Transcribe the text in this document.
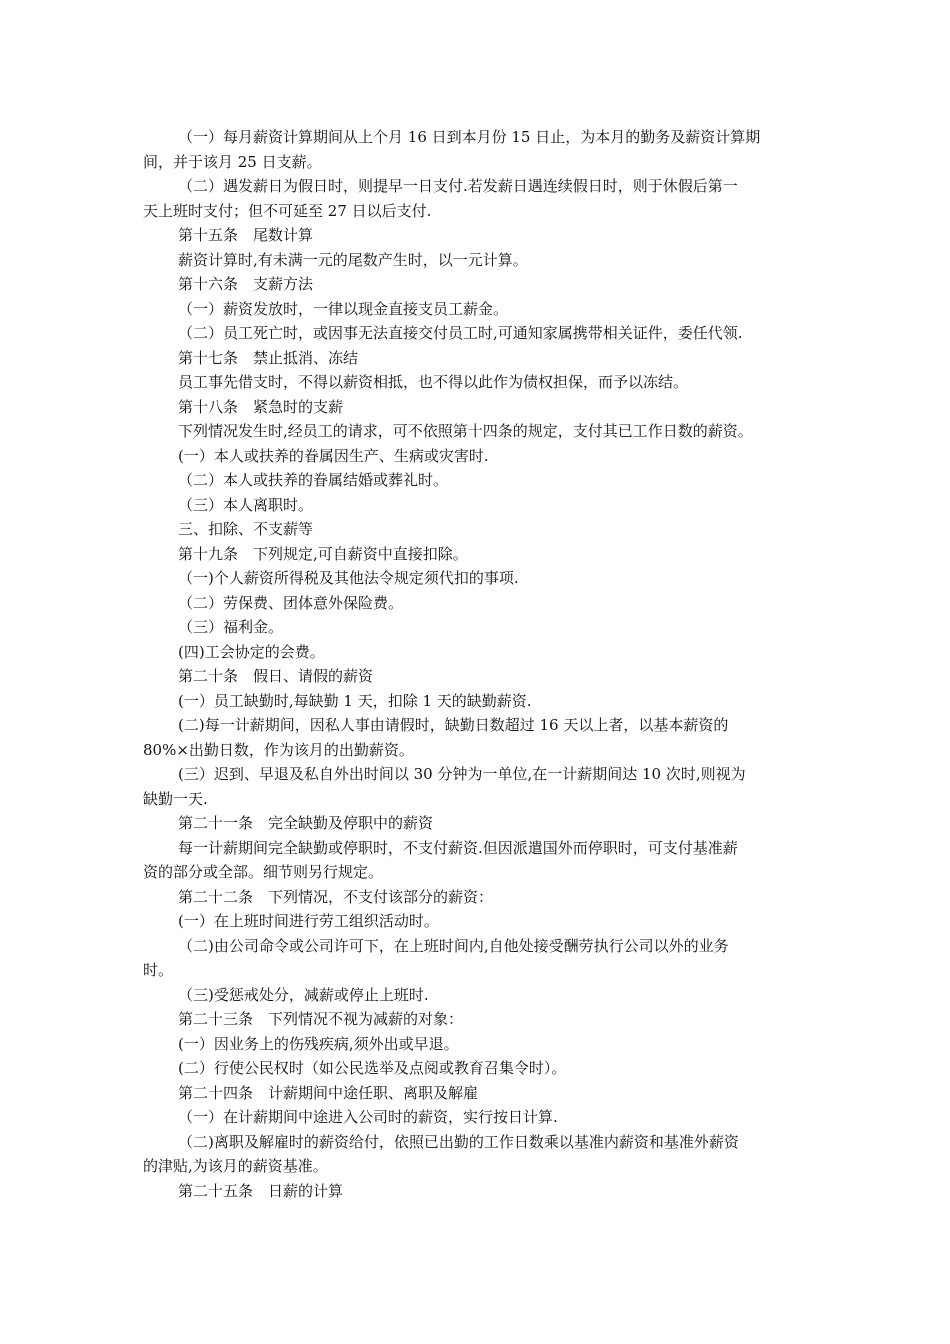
（一）每月薪资计算期间从上个月 16 日到本月份 15 日止，为本月的勤务及薪资计算期
间，并于该月 25 日支薪。
（二）遇发薪日为假日时，则提早一日支付.若发薪日遇连续假日时，则于休假后第一
天上班时支付；但不可延至 27 日以后支付.
第十五条　尾数计算
薪资计算时,有未满一元的尾数产生时，以一元计算。
第十六条　支薪方法
（一）薪资发放时，一律以现金直接支员工薪金。
（二）员工死亡时，或因事无法直接交付员工时,可通知家属携带相关证件，委任代领.
第十七条　禁止抵消、冻结
员工事先借支时，不得以薪资相抵，也不得以此作为债权担保，而予以冻结。
第十八条　紧急时的支薪
下列情况发生时,经员工的请求，可不依照第十四条的规定，支付其已工作日数的薪资。
(一）本人或扶养的眷属因生产、生病或灾害时.
（二）本人或扶养的眷属结婚或葬礼时。
（三）本人离职时。
三、扣除、不支薪等
第十九条　下列规定,可自薪资中直接扣除。
（一)个人薪资所得税及其他法令规定须代扣的事项.
（二）劳保费、团体意外保险费。
（三）福利金。
(四)工会协定的会费。
第二十条　假日、请假的薪资
(一）员工缺勤时,每缺勤 1 天，扣除 1 天的缺勤薪资.
(二)每一计薪期间，因私人事由请假时，缺勤日数超过 16 天以上者，以基本薪资的
80%×出勤日数，作为该月的出勤薪资。
(三）迟到、早退及私自外出时间以 30 分钟为一单位,在一计薪期间达 10 次时,则视为
缺勤一天.
第二十一条　完全缺勤及停职中的薪资
每一计薪期间完全缺勤或停职时，不支付薪资.但因派遣国外而停职时，可支付基准薪
资的部分或全部。细节则另行规定。
第二十二条　下列情况，不支付该部分的薪资：
(一）在上班时间进行劳工组织活动时。
（二)由公司命令或公司许可下，在上班时间内,自他处接受酬劳执行公司以外的业务
时。
（三)受惩戒处分，减薪或停止上班时.
第二十三条　下列情况不视为减薪的对象：
(一）因业务上的伤残疾病,须外出或早退。
(二）行使公民权时（如公民选举及点阅或教育召集令时）。
第二十四条　计薪期间中途任职、离职及解雇
（一）在计薪期间中途进入公司时的薪资，实行按日计算.
（二)离职及解雇时的薪资给付，依照已出勤的工作日数乘以基准内薪资和基准外薪资
的津贴,为该月的薪资基准。
第二十五条　日薪的计算
